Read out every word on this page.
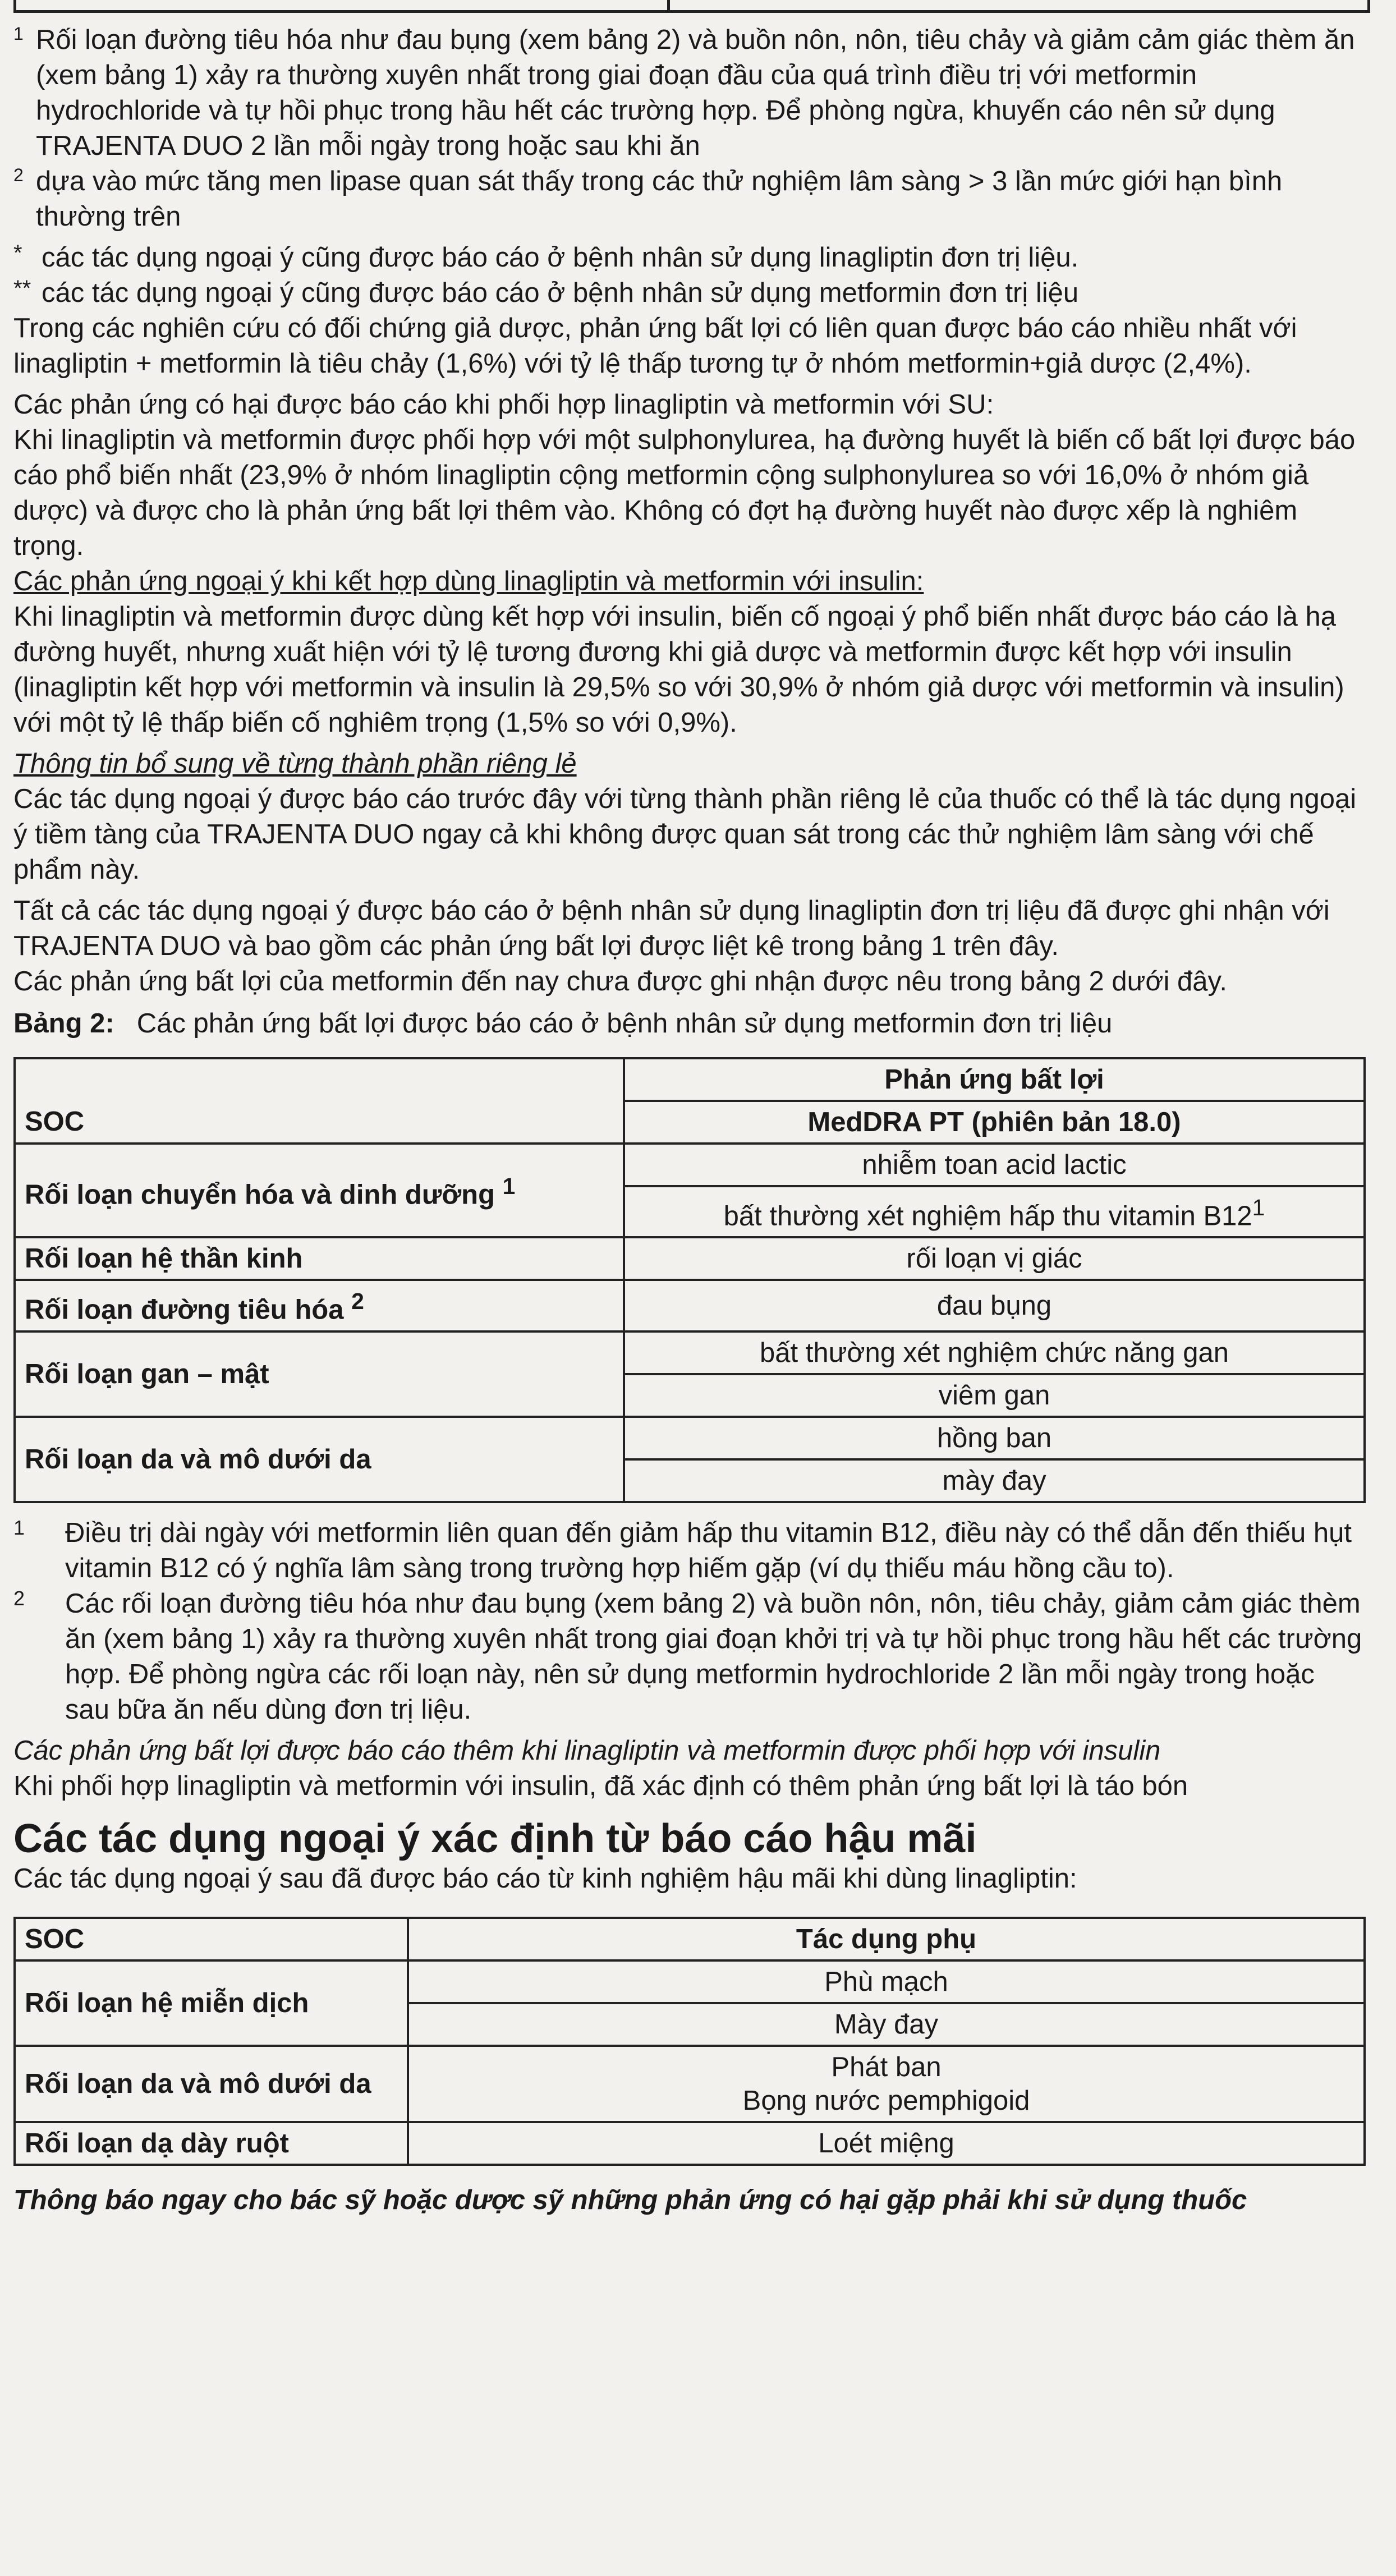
1 Rối loạn đường tiêu hóa như đau bụng (xem bảng 2) và buồn nôn, nôn, tiêu chảy và giảm cảm giác thèm ăn (xem bảng 1) xảy ra thường xuyên nhất trong giai đoạn đầu của quá trình điều trị với metformin hydrochloride và tự hồi phục trong hầu hết các trường hợp. Để phòng ngừa, khuyến cáo nên sử dụng TRAJENTA DUO 2 lần mỗi ngày trong hoặc sau khi ăn

2 dựa vào mức tăng men lipase quan sát thấy trong các thử nghiệm lâm sàng > 3 lần mức giới hạn bình thường trên

* các tác dụng ngoại ý cũng được báo cáo ở bệnh nhân sử dụng linagliptin đơn trị liệu.

** các tác dụng ngoại ý cũng được báo cáo ở bệnh nhân sử dụng metformin đơn trị liệu

Trong các nghiên cứu có đối chứng giả dược, phản ứng bất lợi có liên quan được báo cáo nhiều nhất với linagliptin + metformin là tiêu chảy (1,6%) với tỷ lệ thấp tương tự ở nhóm metformin+giả dược (2,4%).

Các phản ứng có hại được báo cáo khi phối hợp linagliptin và metformin với SU:

Khi linagliptin và metformin được phối hợp với một sulphonylurea, hạ đường huyết là biến cố bất lợi được báo cáo phổ biến nhất (23,9% ở nhóm linagliptin cộng metformin cộng sulphonylurea so với 16,0% ở nhóm giả dược) và được cho là phản ứng bất lợi thêm vào. Không có đợt hạ đường huyết nào được xếp là nghiêm trọng.

Các phản ứng ngoại ý khi kết hợp dùng linagliptin và metformin với insulin:

Khi linagliptin và metformin được dùng kết hợp với insulin, biến cố ngoại ý phổ biến nhất được báo cáo là hạ đường huyết, nhưng xuất hiện với tỷ lệ tương đương khi giả dược và metformin được kết hợp với insulin (linagliptin kết hợp với metformin và insulin là 29,5% so với 30,9% ở nhóm giả dược với metformin và insulin) với một tỷ lệ thấp biến cố nghiêm trọng (1,5% so với 0,9%).

Thông tin bổ sung về từng thành phần riêng lẻ

Các tác dụng ngoại ý được báo cáo trước đây với từng thành phần riêng lẻ của thuốc có thể là tác dụng ngoại ý tiềm tàng của TRAJENTA DUO ngay cả khi không được quan sát trong các thử nghiệm lâm sàng với chế phẩm này.

Tất cả các tác dụng ngoại ý được báo cáo ở bệnh nhân sử dụng linagliptin đơn trị liệu đã được ghi nhận với TRAJENTA DUO và bao gồm các phản ứng bất lợi được liệt kê trong bảng 1 trên đây.

Các phản ứng bất lợi của metformin đến nay chưa được ghi nhận được nêu trong bảng 2 dưới đây.

Bảng 2: Các phản ứng bất lợi được báo cáo ở bệnh nhân sử dụng metformin đơn trị liệu

	Phản ứng bất lợi
SOC	MedDRA PT (phiên bản 18.0)
Rối loạn chuyển hóa và dinh dưỡng $^1$	nhiễm toan acid lactic
	bất thường xét nghiệm hấp thu vitamin $B12^1$
Rối loạn hệ thần kinh	rối loạn vị giác
Rối loạn đường tiêu hóa $^2$	đau bụng
Rối loạn gan – mật	bất thường xét nghiệm chức năng gan
	viêm gan
Rối loạn da và mô dưới da	hồng ban
	mày đay

1 Điều trị dài ngày với metformin liên quan đến giảm hấp thu vitamin B12, điều này có thể dẫn đến thiếu hụt vitamin B12 có ý nghĩa lâm sàng trong trường hợp hiếm gặp (ví dụ thiếu máu hồng cầu to).

2 Các rối loạn đường tiêu hóa như đau bụng (xem bảng 2) và buồn nôn, nôn, tiêu chảy, giảm cảm giác thèm ăn (xem bảng 1) xảy ra thường xuyên nhất trong giai đoạn khởi trị và tự hồi phục trong hầu hết các trường hợp. Để phòng ngừa các rối loạn này, nên sử dụng metformin hydrochloride 2 lần mỗi ngày trong hoặc sau bữa ăn nếu dùng đơn trị liệu.

Các phản ứng bất lợi được báo cáo thêm khi linagliptin và metformin được phối hợp với insulin

Khi phối hợp linagliptin và metformin với insulin, đã xác định có thêm phản ứng bất lợi là táo bón

Các tác dụng ngoại ý xác định từ báo cáo hậu mãi

Các tác dụng ngoại ý sau đã được báo cáo từ kinh nghiệm hậu mãi khi dùng linagliptin:

SOC	Tác dụng phụ
Rối loạn hệ miễn dịch	Phù mạch
	Mày đay
Rối loạn da và mô dưới da	Phát ban
Bọng nước pemphigoid

Rối loạn dạ dày ruột	Loét miệng

Thông báo ngay cho bác sỹ hoặc dược sỹ những phản ứng có hại gặp phải khi sử dụng thuốc
